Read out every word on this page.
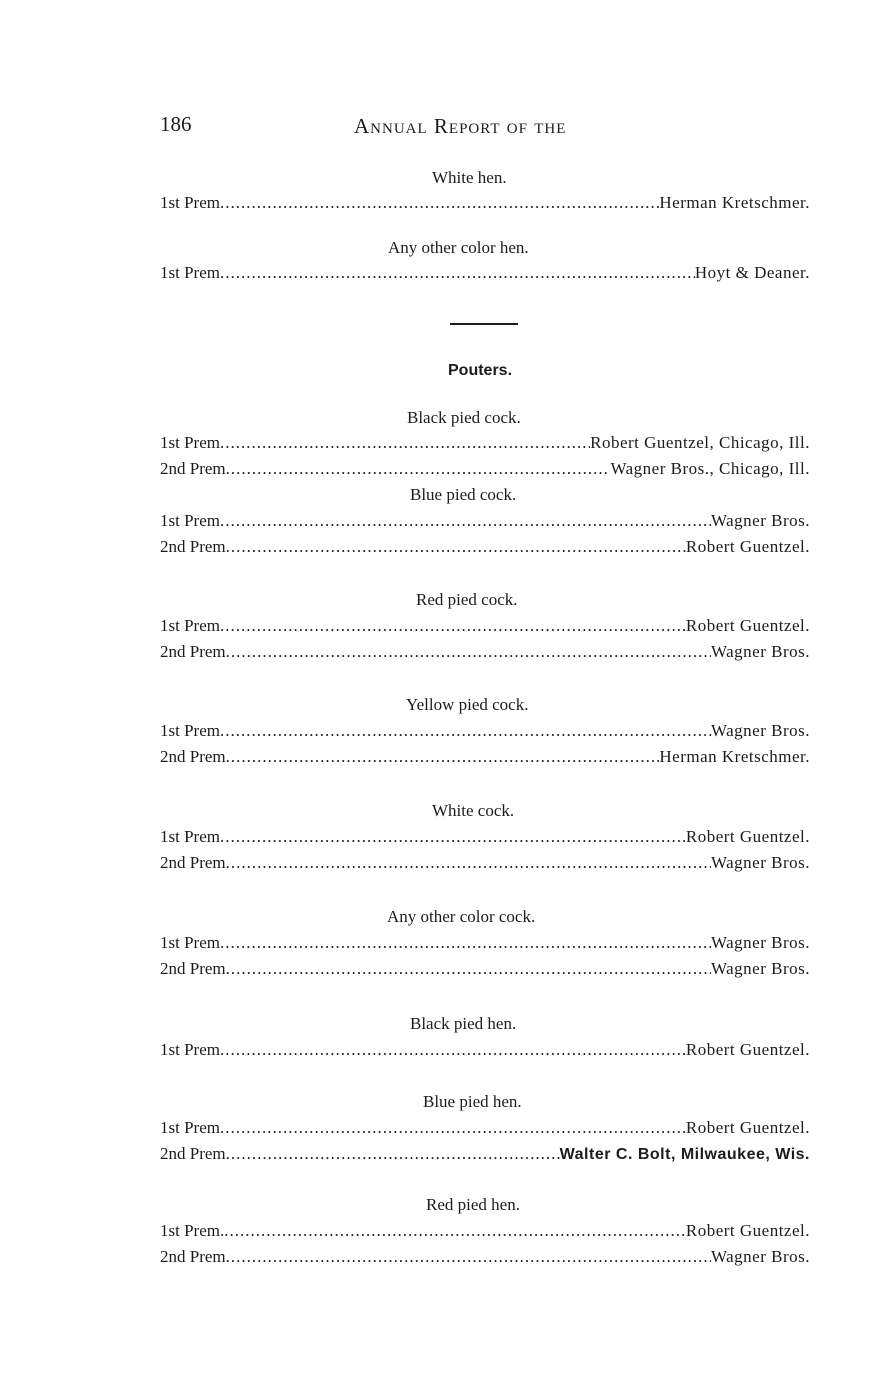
186	Annual Report of the
White hen.
1st Prem .....	Herman Kretschmer.
Any other color hen.
1st Prem .....	Hoyt & Deaner.
Pouters.
Black pied cock.
1st Prem .....	Robert Guentzel, Chicago, Ill.
2nd Prem .....	Wagner Bros., Chicago, Ill.
Blue pied cock.
1st Prem .....	Wagner Bros.
2nd Prem .....	Robert Guentzel.
Red pied cock.
1st Prem .....	Robert Guentzel.
2nd Prem .....	Wagner Bros.
Yellow pied cock.
1st Prem .....	Wagner Bros.
2nd Prem .....	Herman Kretschmer.
White cock.
1st Prem .....	Robert Guentzel.
2nd Prem .....	Wagner Bros.
Any other color cock.
1st Prem .....	Wagner Bros.
2nd Prem .....	Wagner Bros.
Black pied hen.
1st Prem .....	Robert Guentzel.
Blue pied hen.
1st Prem .....	Robert Guentzel.
2nd Prem .....	Walter C. Bolt, Milwaukee, Wis.
Red pied hen.
1st Prem. .....	Robert Guentzel.
2nd Prem .....	Wagner Bros.
